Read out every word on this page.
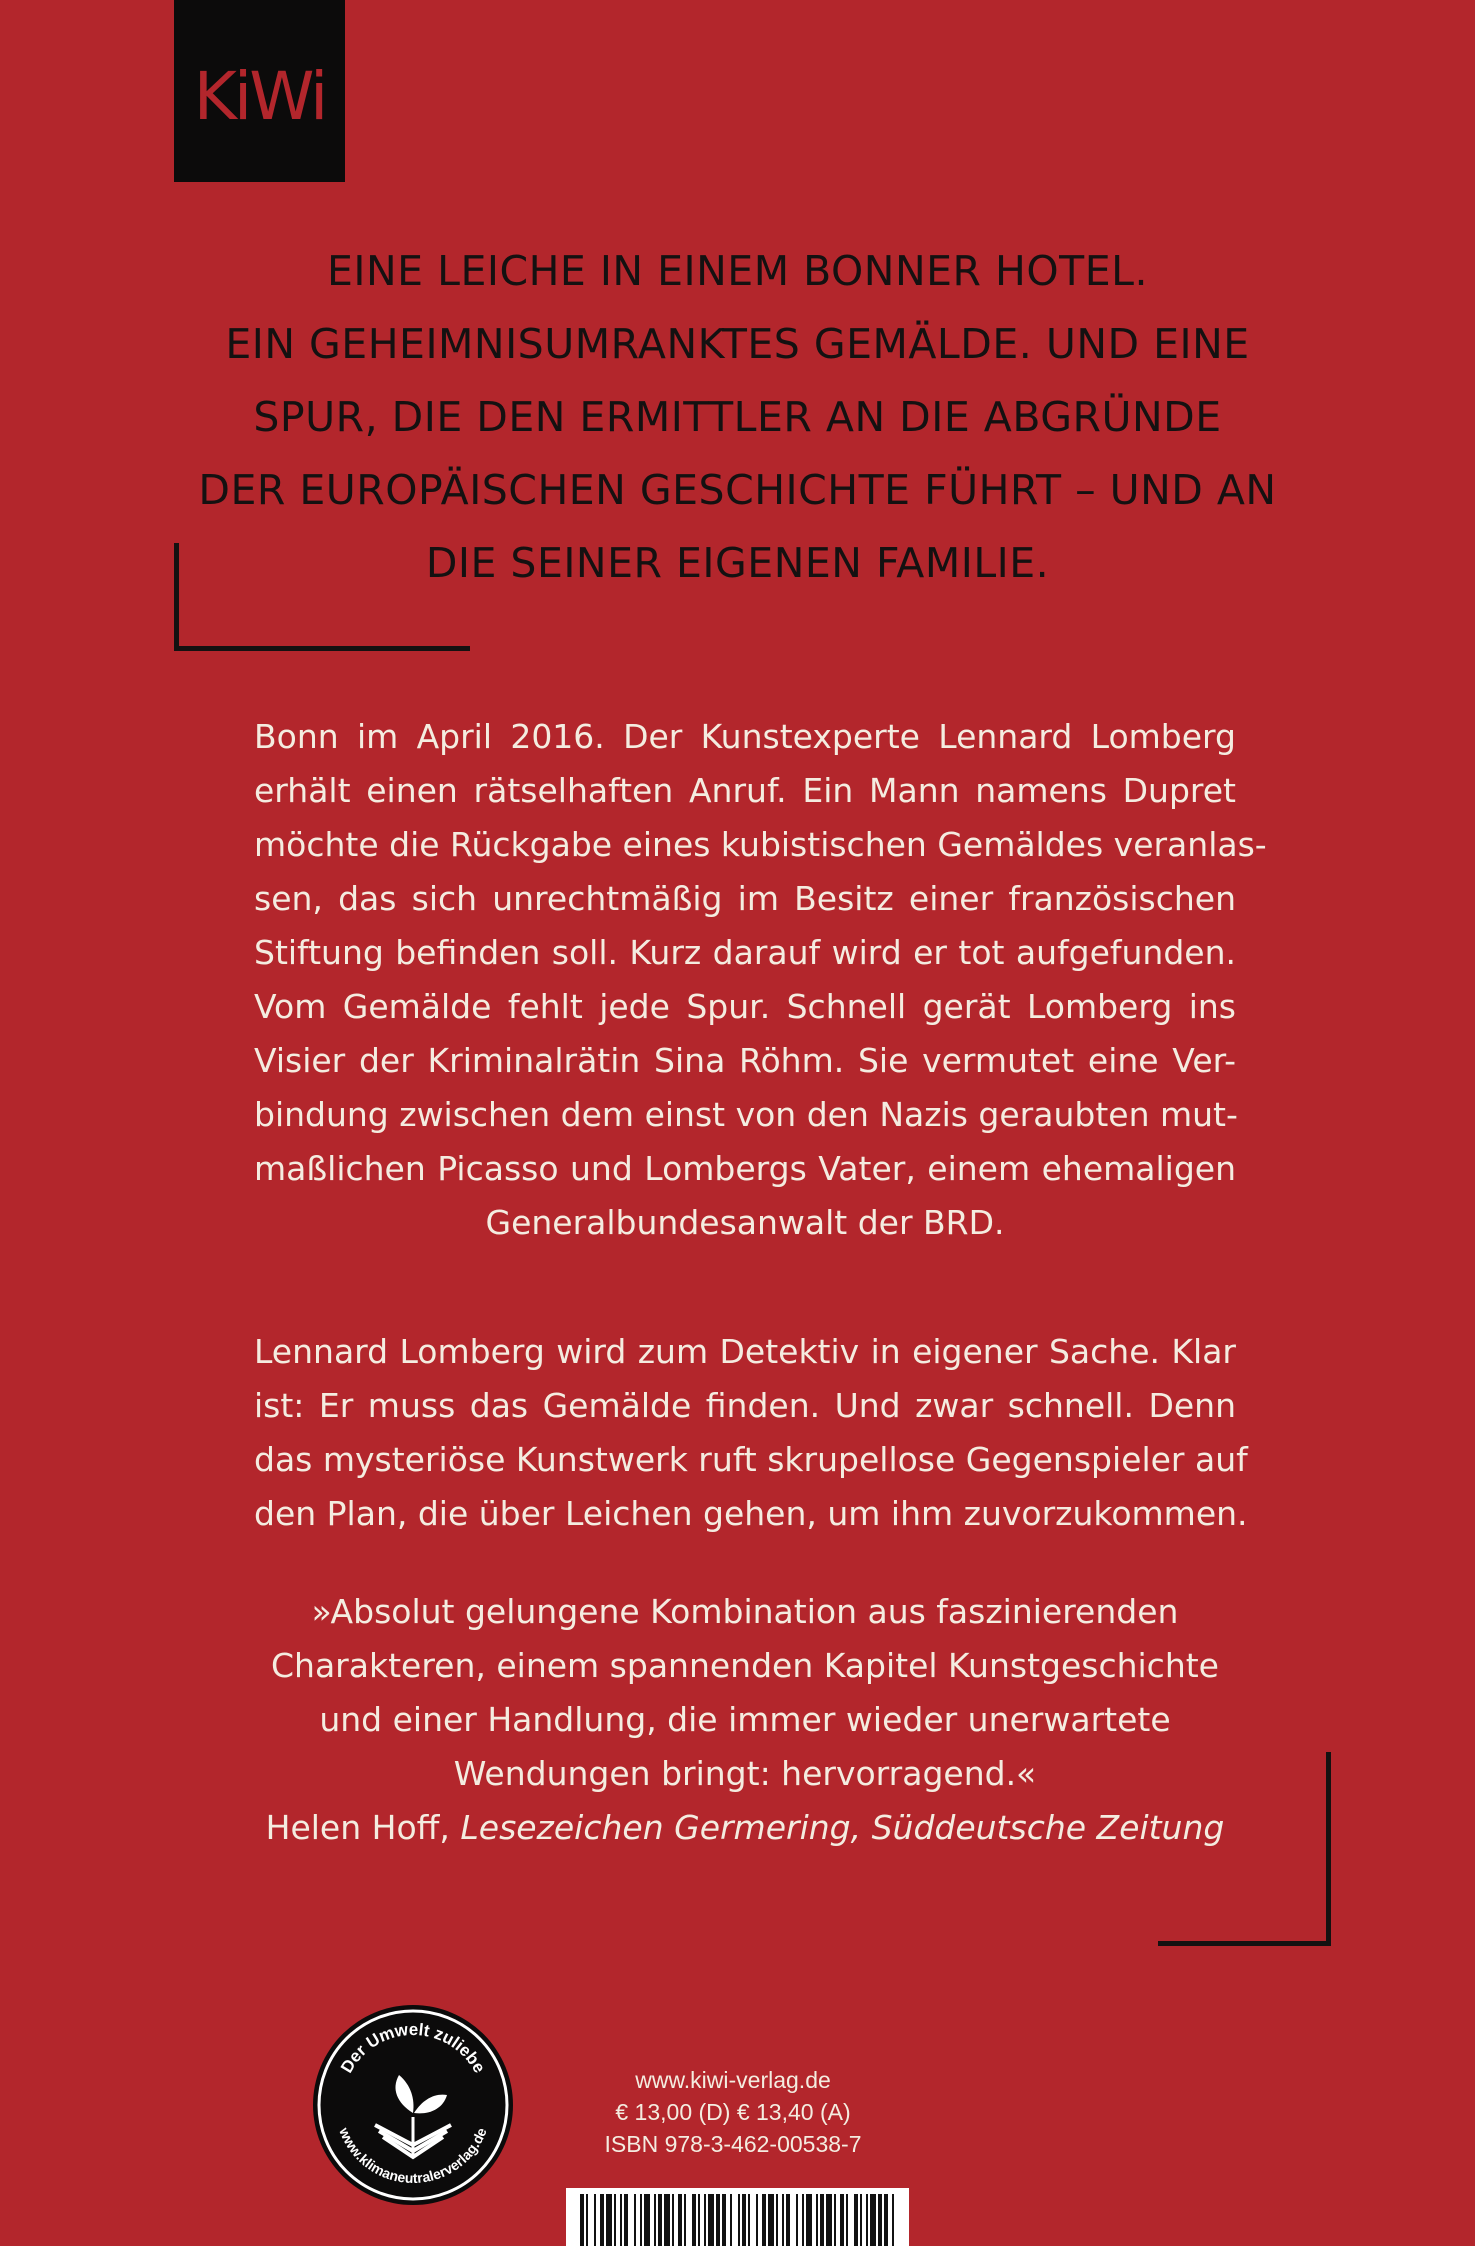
KiWi
EINE LEICHE IN EINEM BONNER HOTEL.
EIN GEHEIMNISUMRANKTES GEMÄLDE. UND EINE
SPUR, DIE DEN ERMITTLER AN DIE ABGRÜNDE
DER EUROPÄISCHEN GESCHICHTE FÜHRT – UND AN
DIE SEINER EIGENEN FAMILIE.
Bonn im April 2016. Der Kunstexperte Lennard Lomberg
erhält einen rätselhaften Anruf. Ein Mann namens Dupret
möchte die Rückgabe eines kubistischen Gemäldes veranlas-
sen, das sich unrechtmäßig im Besitz einer französischen
Stiftung befinden soll. Kurz darauf wird er tot aufgefunden.
Vom Gemälde fehlt jede Spur. Schnell gerät Lomberg ins
Visier der Kriminalrätin Sina Röhm. Sie vermutet eine Ver-
bindung zwischen dem einst von den Nazis geraubten mut-
maßlichen Picasso und Lombergs Vater, einem ehemaligen
Generalbundesanwalt der BRD.
Lennard Lomberg wird zum Detektiv in eigener Sache. Klar
ist: Er muss das Gemälde finden. Und zwar schnell. Denn
das mysteriöse Kunstwerk ruft skrupellose Gegenspieler auf
den Plan, die über Leichen gehen, um ihm zuvorzukommen.
»Absolut gelungene Kombination aus faszinierenden
Charakteren, einem spannenden Kapitel Kunstgeschichte
und einer Handlung, die immer wieder unerwartete
Wendungen bringt: hervorragend.«
Helen Hoff, Lesezeichen Germering, Süddeutsche Zeitung
Der Umwelt zuliebe
www.klimaneutralerverlag.de
www.kiwi-verlag.de
€ 13,00 (D) € 13,40 (A)
ISBN 978-3-462-00538-7
